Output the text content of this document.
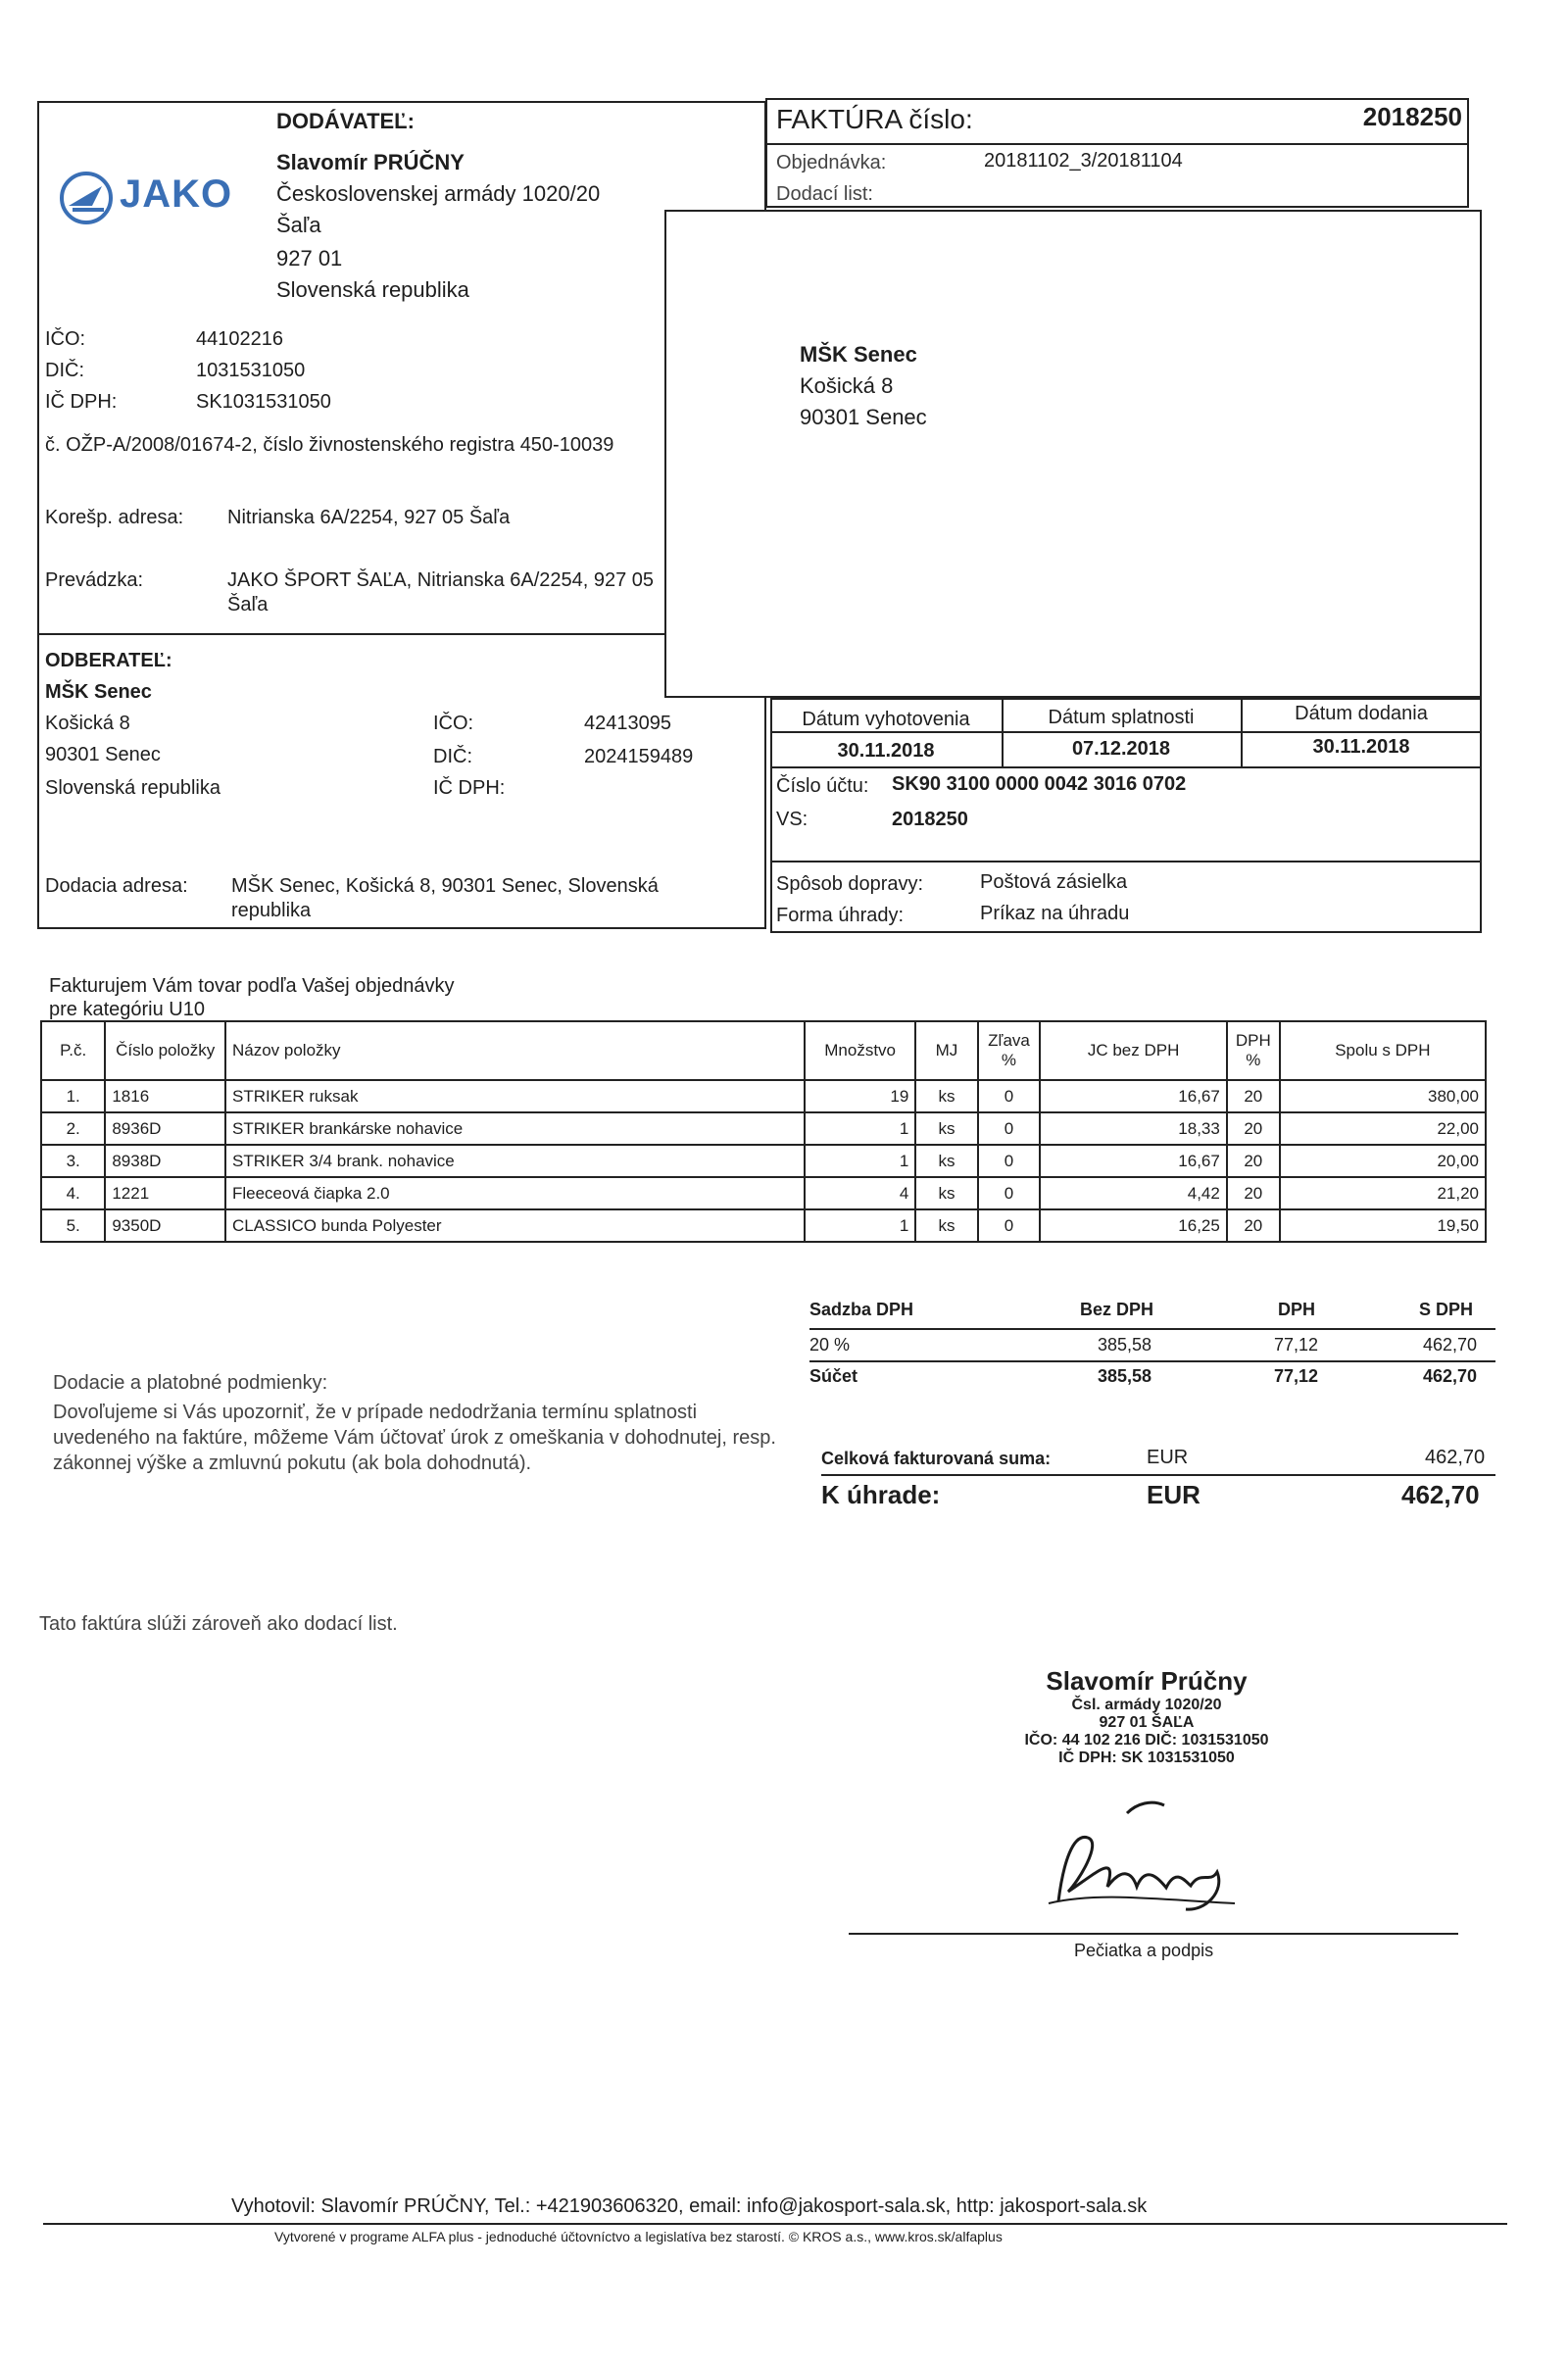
JAKO
DODÁVATEĽ:
Slavomír PRÚČNY
Československej armády 1020/20
Šaľa
927 01
Slovenská republika
IČO:	44102216
DIČ:	1031531050
IČ DPH:	SK1031531050
č. OŽP-A/2008/01674-2, číslo živnostenského registra 450-10039
Korešp. adresa: Nitrianska 6A/2254, 927 05 Šaľa
Prevádzka:	JAKO ŠPORT ŠAĽA, Nitrianska 6A/2254, 927 05 Šaľa
FAKTÚRA číslo:	2018250
Objednávka:	20181102_3/20181104
Dodací list:
MŠK Senec
Košická 8
90301 Senec
ODBERATEĽ:
MŠK Senec
Košická 8
90301 Senec
Slovenská republika
IČO:	42413095
DIČ:	2024159489
IČ DPH:
Dodacia adresa: MŠK Senec, Košická 8, 90301 Senec, Slovenská republika
Dátum vyhotovenia	Dátum splatnosti	Dátum dodania
30.11.2018	07.12.2018	30.11.2018
Číslo účtu: SK90 3100 0000 0042 3016 0702
VS:	2018250
Spôsob dopravy:	Poštová zásielka
Forma úhrady:	Príkaz na úhradu
Fakturujem Vám tovar podľa Vašej objednávky
pre kategóriu U10
P.č.	Číslo položky	Názov položky	Množstvo	MJ	Zľava %	JC bez DPH	DPH %	Spolu s DPH
1.	1816	STRIKER ruksak	19	ks	0	16,67	20	380,00
2.	8936D	STRIKER brankárske nohavice	1	ks	0	18,33	20	22,00
3.	8938D	STRIKER 3/4 brank. nohavice	1	ks	0	16,67	20	20,00
4.	1221	Fleeceová čiapka 2.0	4	ks	0	4,42	20	21,20
5.	9350D	CLASSICO bunda Polyester	1	ks	0	16,25	20	19,50
Sadzba DPH	Bez DPH	DPH	S DPH
20 %	385,58	77,12	462,70
Súčet	385,58	77,12	462,70
Celková fakturovaná suma:	EUR	462,70
K úhrade:	EUR	462,70
Dodacie a platobné podmienky:
Dovoľujeme si Vás upozorniť, že v prípade nedodržania termínu splatnosti uvedeného na faktúre, môžeme Vám účtovať úrok z omeškania v dohodnutej, resp. zákonnej výške a zmluvnú pokutu (ak bola dohodnutá).
Tato faktúra slúži zároveň ako dodací list.
Slavomír Prúčny
Čsl. armády 1020/20
927 01 ŠAĽA
IČO: 44 102 216 DIČ: 1031531050
IČ DPH: SK 1031531050
Pečiatka a podpis
Vyhotovil: Slavomír PRÚČNY, Tel.: +421903606320, email: info@jakosport-sala.sk, http: jakosport-sala.sk
Vytvorené v programe ALFA plus - jednoduché účtovníctvo a legislatíva bez starostí. © KROS a.s., www.kros.sk/alfaplus
